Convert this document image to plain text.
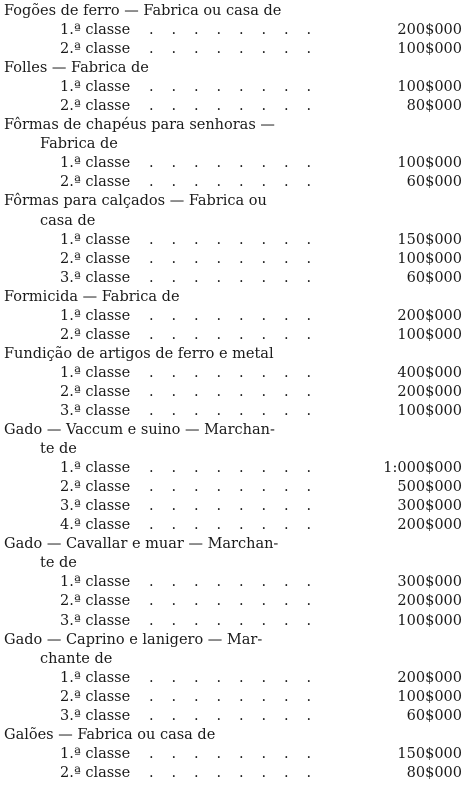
Fogões de ferro — Fabrica ou casa de
1.ª classe . . . . . . . .	200$000
2.ª classe . . . . . . . .	100$000
Folles — Fabrica de
1.ª classe . . . . . . . .	100$000
2.ª classe . . . . . . . .	80$000
Fôrmas de chapéus para senhoras —
Fabrica de
1.ª classe . . . . . . . .	100$000
2.ª classe . . . . . . . .	60$000
Fôrmas para calçados — Fabrica ou
casa de
1.ª classe . . . . . . . .	150$000
2.ª classe . . . . . . . .	100$000
3.ª classe . . . . . . . .	60$000
Formicida — Fabrica de
1.ª classe . . . . . . . .	200$000
2.ª classe . . . . . . . .	100$000
Fundição de artigos de ferro e metal
1.ª classe . . . . . . . .	400$000
2.ª classe . . . . . . . .	200$000
3.ª classe . . . . . . . .	100$000
Gado — Vaccum e suino — Marchan-
te de
1.ª classe . . . . . . . .	1:000$000
2.ª classe . . . . . . . .	500$000
3.ª classe . . . . . . . .	300$000
4.ª classe . . . . . . . .	200$000
Gado — Cavallar e muar — Marchan-
te de
1.ª classe . . . . . . . .	300$000
2.ª classe . . . . . . . .	200$000
3.ª classe . . . . . . . .	100$000
Gado — Caprino e lanigero — Mar-
chante de
1.ª classe . . . . . . . .	200$000
2.ª classe . . . . . . . .	100$000
3.ª classe . . . . . . . .	60$000
Galões — Fabrica ou casa de
1.ª classe . . . . . . . .	150$000
2.ª classe . . . . . . . .	80$000
